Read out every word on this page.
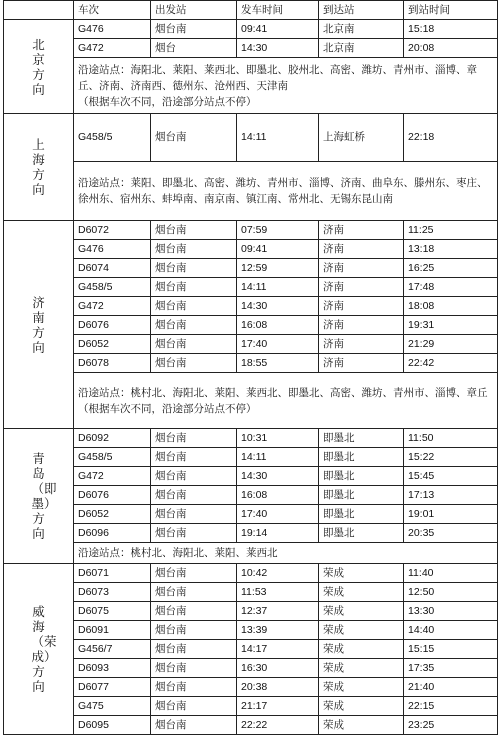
	车次	出发站	发车时间	到达站	到站时间
北京方向	G476	烟台南	09:41	北京南	15:18
	G472	烟台	14:30	北京南	20:08
	沿途站点：海阳北、莱阳、莱西北、即墨北、胶州北、高密、潍坊、青州市、淄博、章丘、济南、济南西、德州东、沧州西、天津南
（根据车次不同，沿途部分站点不停）				

上海方向	G458/5	烟台南	14:11	上海虹桥	22:18
	沿途站点：莱阳、即墨北、高密、潍坊、青州市、淄博、济南、曲阜东、滕州东、枣庄、徐州东、宿州东、蚌埠南、南京南、镇江南、常州北、无锡东昆山南				
济南方向	D6072	烟台南	07:59	济南	11:25
	G476	烟台南	09:41	济南	13:18
	D6074	烟台南	12:59	济南	16:25
	G458/5	烟台南	14:11	济南	17:48
	G472	烟台南	14:30	济南	18:08
	D6076	烟台南	16:08	济南	19:31
	D6052	烟台南	17:40	济南	21:29
	D6078	烟台南	18:55	济南	22:42
	沿途站点：桃村北、海阳北、莱阳、莱西北、即墨北、高密、潍坊、青州市、淄博、章丘
（根据车次不同，沿途部分站点不停）				

青岛（即墨）方向	D6092	烟台南	10:31	即墨北	11:50
	G458/5	烟台南	14:11	即墨北	15:22
	G472	烟台南	14:30	即墨北	15:45
	D6076	烟台南	16:08	即墨北	17:13
	D6052	烟台南	17:40	即墨北	19:01
	D6096	烟台南	19:14	即墨北	20:35
	沿途站点：桃村北、海阳北、莱阳、莱西北				
威海（荣成）方向	D6071	烟台南	10:42	荣成	11:40
	D6073	烟台南	11:53	荣成	12:50
	D6075	烟台南	12:37	荣成	13:30
	D6091	烟台南	13:39	荣成	14:40
	G456/7	烟台南	14:17	荣成	15:15
	D6093	烟台南	16:30	荣成	17:35
	D6077	烟台南	20:38	荣成	21:40
	G475	烟台南	21:17	荣成	22:15
	D6095	烟台南	22:22	荣成	23:25
